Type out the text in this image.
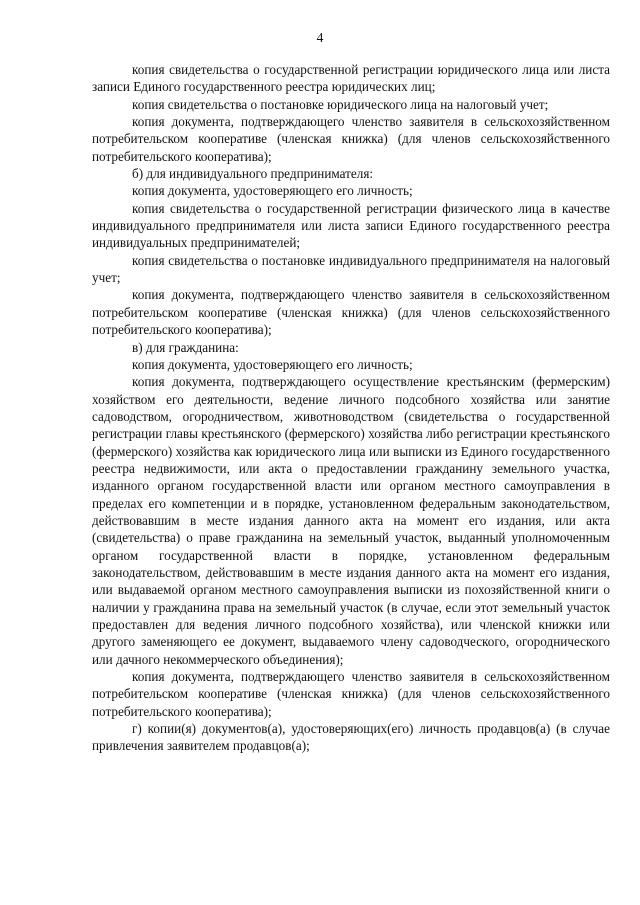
4

копия свидетельства о государственной регистрации юридического лица или листа записи Единого государственного реестра юридических лиц;

копия свидетельства о постановке юридического лица на налоговый учет;

копия документа, подтверждающего членство заявителя в сельскохозяйственном потребительском кооперативе (членская книжка) (для членов сельскохозяйственного потребительского кооператива);

б) для индивидуального предпринимателя:

копия документа, удостоверяющего его личность;

копия свидетельства о государственной регистрации физического лица в качестве индивидуального предпринимателя или листа записи Единого государственного реестра индивидуальных предпринимателей;

копия свидетельства о постановке индивидуального предпринимателя на налоговый учет;

копия документа, подтверждающего членство заявителя в сельскохозяйственном потребительском кооперативе (членская книжка) (для членов сельскохозяйственного потребительского кооператива);

в) для гражданина:

копия документа, удостоверяющего его личность;

копия документа, подтверждающего осуществление крестьянским (фермерским) хозяйством его деятельности, ведение личного подсобного хозяйства или занятие садоводством, огородничеством, животноводством (свидетельства о государственной регистрации главы крестьянского (фермерского) хозяйства либо регистрации крестьянского (фермерского) хозяйства как юридического лица или выписки из Единого государственного реестра недвижимости, или акта о предоставлении гражданину земельного участка, изданного органом государственной власти или органом местного самоуправления в пределах его компетенции и в порядке, установленном федеральным законодательством, действовавшим в месте издания данного акта на момент его издания, или акта (свидетельства) о праве гражданина на земельный участок, выданный уполномоченным органом государственной власти в порядке, установленном федеральным законодательством, действовавшим в месте издания данного акта на момент его издания, или выдаваемой органом местного самоуправления выписки из похозяйственной книги о наличии у гражданина права на земельный участок (в случае, если этот земельный участок предоставлен для ведения личного подсобного хозяйства), или членской книжки или другого заменяющего ее документ, выдаваемого члену садоводческого, огороднического или дачного некоммерческого объединения);

копия документа, подтверждающего членство заявителя в сельскохозяйственном потребительском кооперативе (членская книжка) (для членов сельскохозяйственного потребительского кооператива);

г) копии(я) документов(а), удостоверяющих(его) личность продавцов(а) (в случае привлечения заявителем продавцов(а);
